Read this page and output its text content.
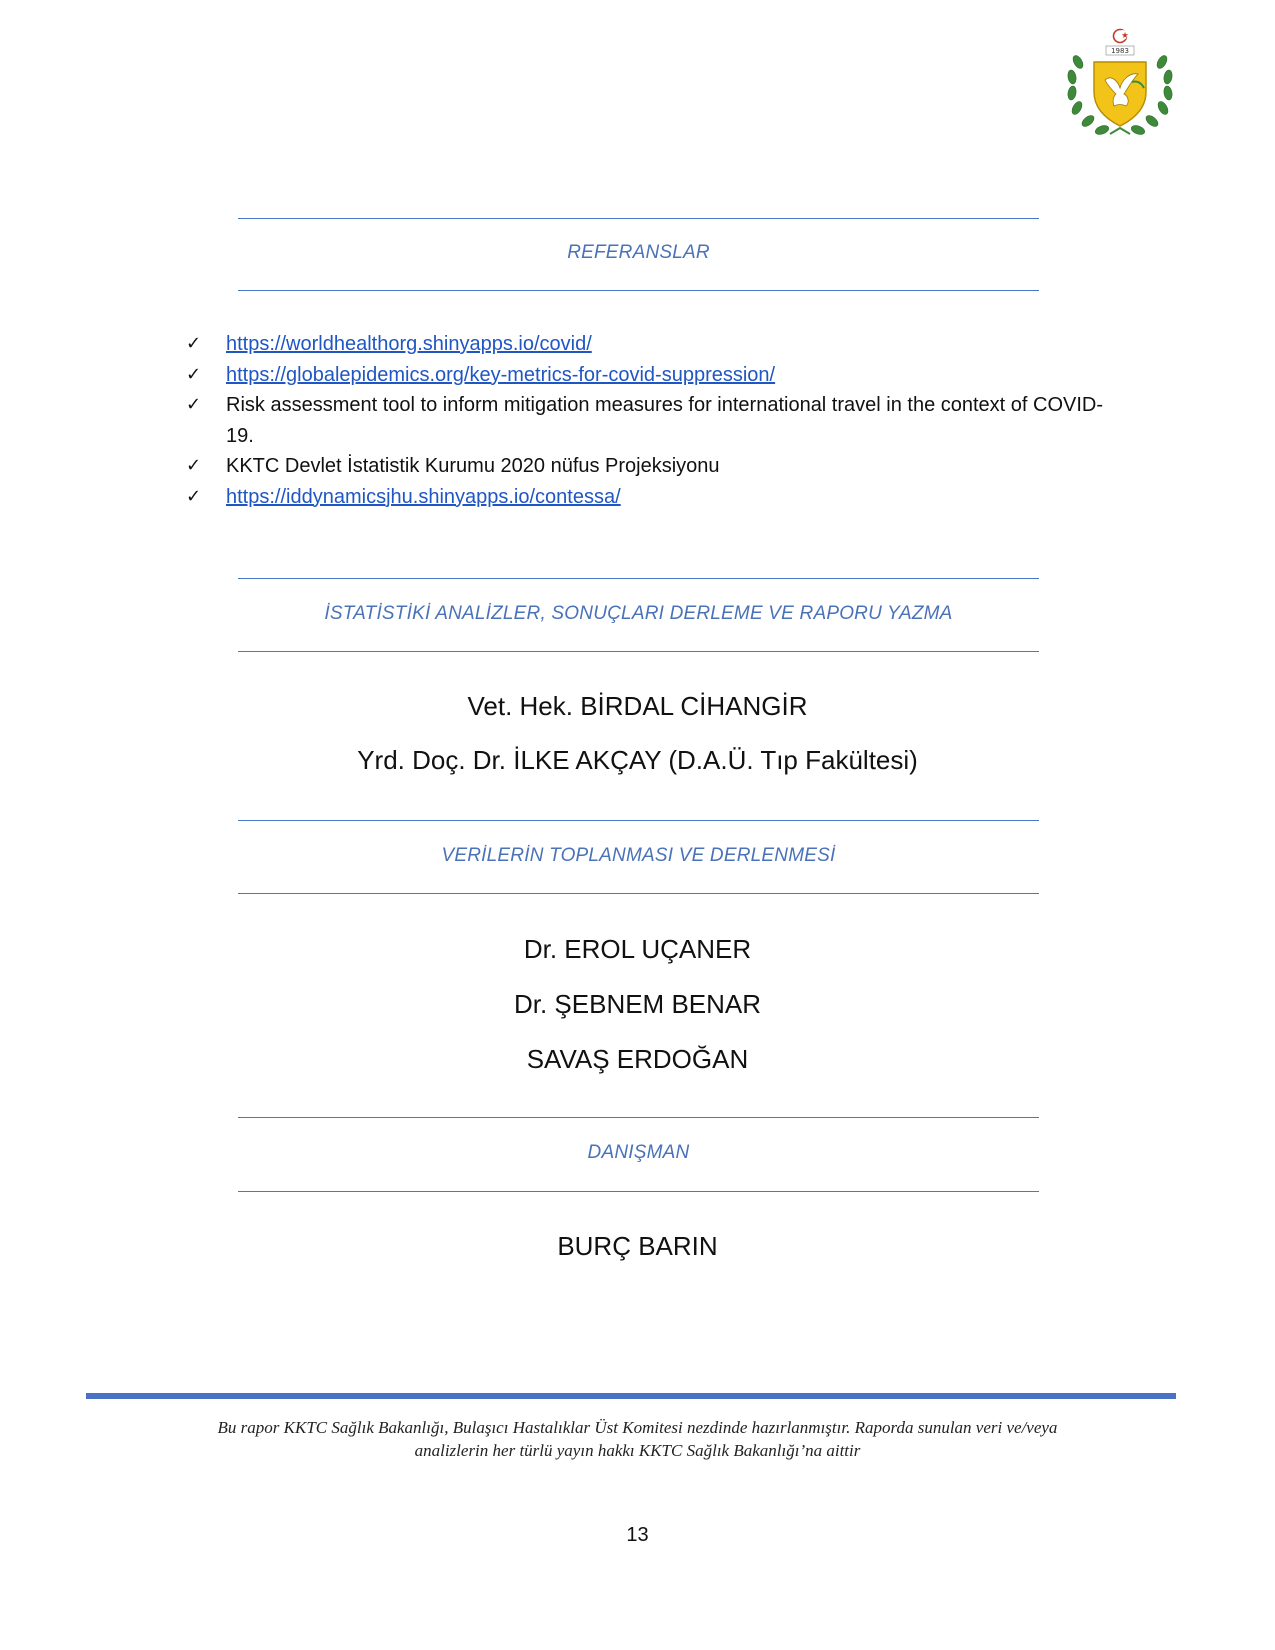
1983
REFERANSLAR
✓ https://worldhealthorg.shinyapps.io/covid/
✓ https://globalepidemics.org/key-metrics-for-covid-suppression/
✓ Risk assessment tool to inform mitigation measures for international travel in the context of COVID-19.
✓ KKTC Devlet İstatistik Kurumu 2020 nüfus Projeksiyonu
✓ https://iddynamicsjhu.shinyapps.io/contessa/
İSTATİSTİKİ ANALİZLER, SONUÇLARI DERLEME VE RAPORU YAZMA
Vet. Hek. BİRDAL CİHANGİR
Yrd. Doç. Dr. İLKE AKÇAY (D.A.Ü. Tıp Fakültesi)
VERİLERİN TOPLANMASI VE DERLENMESİ
Dr. EROL UÇANER
Dr. ŞEBNEM BENAR
SAVAŞ ERDOĞAN
DANIŞMAN
BURÇ BARIN
Bu rapor KKTC Sağlık Bakanlığı, Bulaşıcı Hastalıklar Üst Komitesi nezdinde hazırlanmıştır. Raporda sunulan veri ve/veya
analizlerin her türlü yayın hakkı KKTC Sağlık Bakanlığı’na aittir
13
